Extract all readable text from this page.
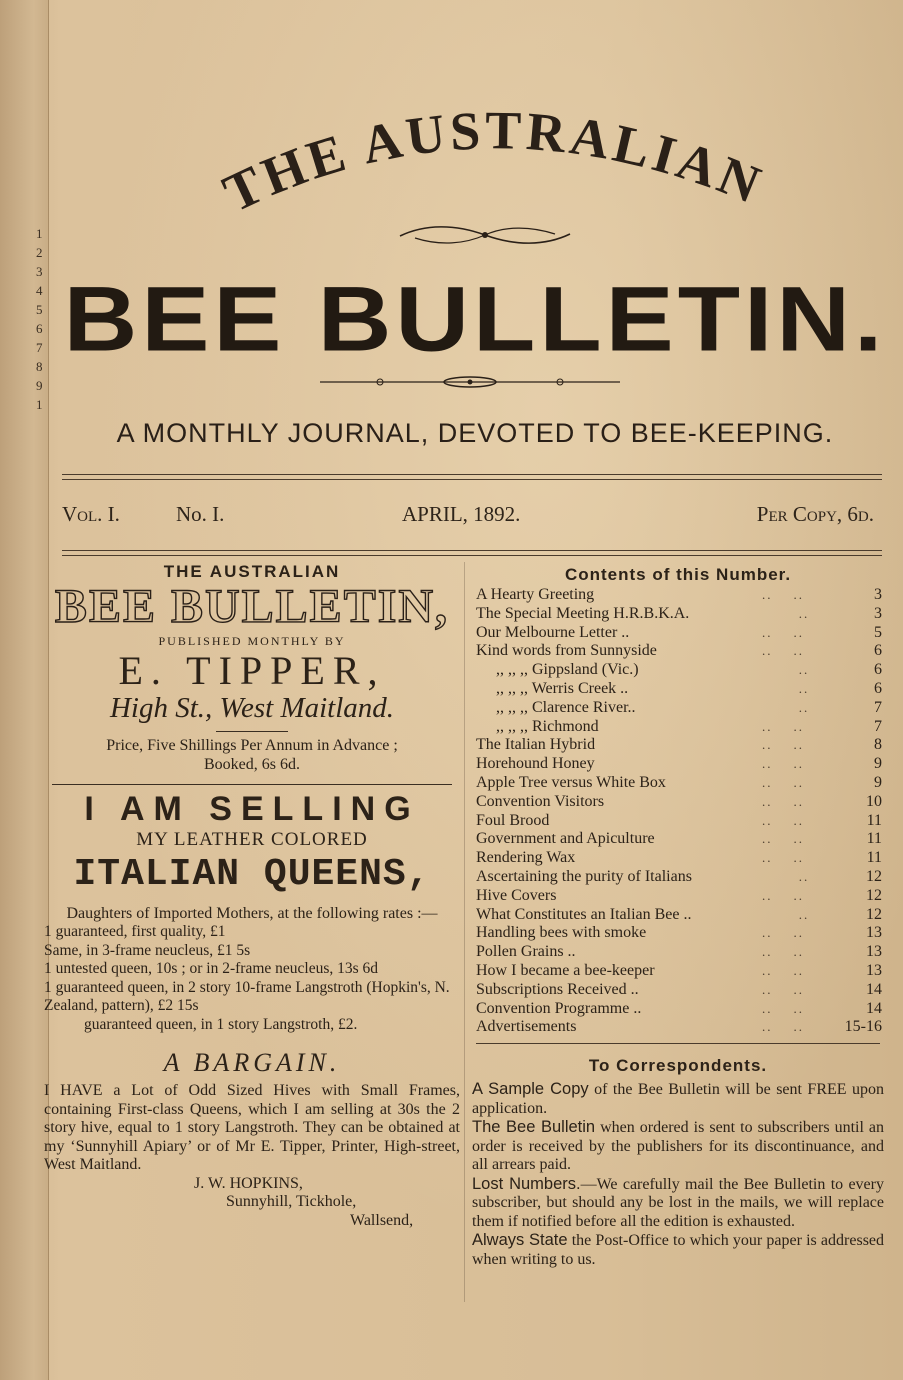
1
2
3
4
5
6
7
8
9
1
THE AUSTRALIAN
BEE BULLETIN.
A MONTHLY JOURNAL, DEVOTED TO BEE-KEEPING.
Vol. I.	No. I.	APRIL, 1892.	Per Copy, 6d.
THE AUSTRALIAN
BEE BULLETIN,
PUBLISHED MONTHLY BY
E. TIPPER,
High St., West Maitland.
Price, Five Shillings Per Annum in Advance ;
Booked, 6s 6d.
I AM SELLING
MY LEATHER COLORED
ITALIAN QUEENS,
Daughters of Imported Mothers, at the following rates :—
1 guaranteed, first quality, £1
Same, in 3-frame neucleus, £1 5s
1 untested queen, 10s ; or in 2-frame neucleus, 13s 6d
1 guaranteed queen, in 2 story 10-frame Langstroth (Hopkin's, N. Zealand, pattern), £2 15s
guaranteed queen, in 1 story Langstroth, £2.
A BARGAIN.
I HAVE a Lot of Odd Sized Hives with Small Frames, containing First-class Queens, which I am selling at 30s the 2 story hive, equal to 1 story Langstroth. They can be obtained at my ‘Sunnyhill Apiary’ or of Mr E. Tipper, Printer, High-street, West Maitland.
J. W. HOPKINS,
Sunnyhill, Tickhole,
Wallsend,
Contents of this Number.
A Hearty Greeting	..    ..	3
The Special Meeting H.R.B.K.A.	..	3
Our Melbourne Letter ..	..    ..	5
Kind words from Sunnyside	..    ..	6
,, ,, ,, Gippsland (Vic.)	..	6
,, ,, ,, Werris Creek ..	..	6
,, ,, ,, Clarence River..	..	7
,, ,, ,, Richmond	..    ..	7
The Italian Hybrid	..    ..	8
Horehound Honey	..    ..	9
Apple Tree versus White Box	..    ..	9
Convention Visitors	..    ..	10
Foul Brood	..    ..	11
Government and Apiculture	..    ..	11
Rendering Wax	..    ..	11
Ascertaining the purity of Italians	..	12
Hive Covers	..    ..	12
What Constitutes an Italian Bee ..	..	12
Handling bees with smoke	..    ..	13
Pollen Grains ..	..    ..	13
How I became a bee-keeper	..    ..	13
Subscriptions Received ..	..    ..	14
Convention Programme ..	..    ..	14
Advertisements	..    ..	15-16
To Correspondents.
A Sample Copy of the Bee Bulletin will be sent FREE upon application.
The Bee Bulletin when ordered is sent to subscribers until an order is received by the publishers for its discontinuance, and all arrears paid.
Lost Numbers.—We carefully mail the Bee Bulletin to every subscriber, but should any be lost in the mails, we will replace them if notified before all the edition is exhausted.
Always State the Post-Office to which your paper is addressed when writing to us.
